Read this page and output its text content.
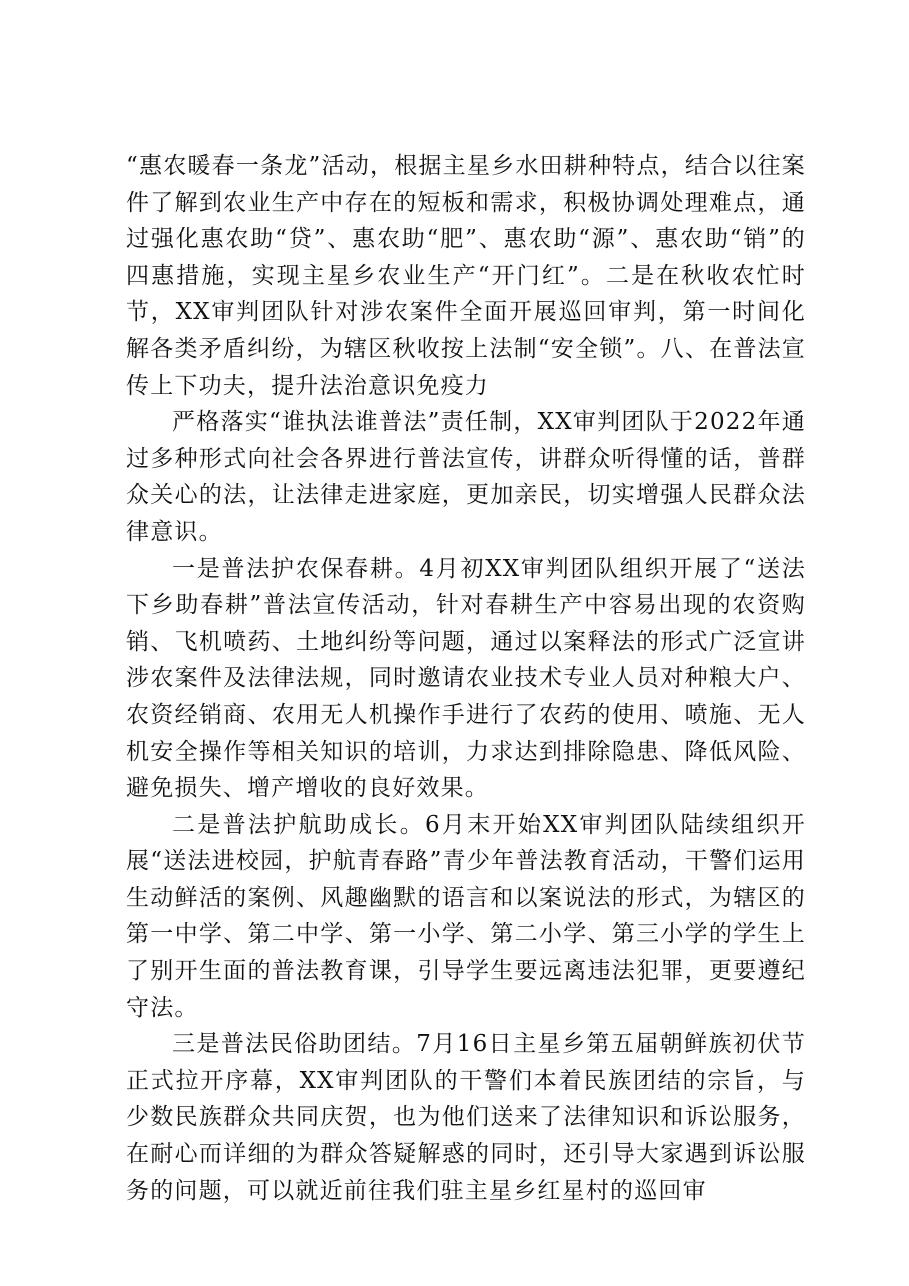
“惠农暖春一条龙”活动，根据主星乡水田耕种特点，结合以往案件了解到农业生产中存在的短板和需求，积极协调处理难点，通过强化惠农助“贷”、惠农助“肥”、惠农助“源”、惠农助“销”的四惠措施，实现主星乡农业生产“开门红”。二是在秋收农忙时节，XX审判团队针对涉农案件全面开展巡回审判，第一时间化解各类矛盾纠纷，为辖区秋收按上法制“安全锁”。八、在普法宣传上下功夫，提升法治意识免疫力

严格落实“谁执法谁普法”责任制，XX审判团队于2022年通过多种形式向社会各界进行普法宣传，讲群众听得懂的话，普群众关心的法，让法律走进家庭，更加亲民，切实增强人民群众法律意识。

一是普法护农保春耕。4月初XX审判团队组织开展了“送法下乡助春耕”普法宣传活动，针对春耕生产中容易出现的农资购销、飞机喷药、土地纠纷等问题，通过以案释法的形式广泛宣讲涉农案件及法律法规，同时邀请农业技术专业人员对种粮大户、农资经销商、农用无人机操作手进行了农药的使用、喷施、无人机安全操作等相关知识的培训，力求达到排除隐患、降低风险、避免损失、增产增收的良好效果。

二是普法护航助成长。6月末开始XX审判团队陆续组织开展“送法进校园，护航青春路”青少年普法教育活动，干警们运用生动鲜活的案例、风趣幽默的语言和以案说法的形式，为辖区的第一中学、第二中学、第一小学、第二小学、第三小学的学生上了别开生面的普法教育课，引导学生要远离违法犯罪，更要遵纪守法。

三是普法民俗助团结。7月16日主星乡第五届朝鲜族初伏节正式拉开序幕，XX审判团队的干警们本着民族团结的宗旨，与少数民族群众共同庆贺，也为他们送来了法律知识和诉讼服务，在耐心而详细的为群众答疑解惑的同时，还引导大家遇到诉讼服务的问题，可以就近前往我们驻主星乡红星村的巡回审
